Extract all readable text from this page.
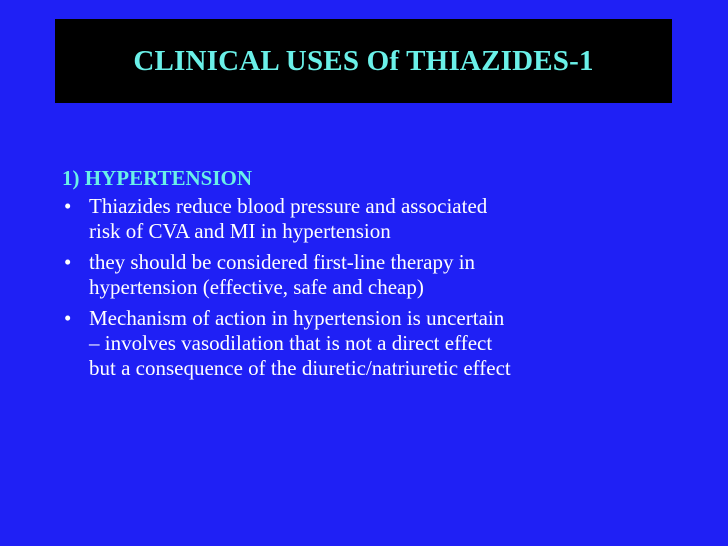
CLINICAL USES Of THIAZIDES-1
1) HYPERTENSION
• Thiazides reduce blood pressure and associated
risk of CVA and MI in hypertension
• they should be considered first-line therapy in
hypertension (effective, safe and cheap)
• Mechanism of action in hypertension is uncertain
– involves vasodilation that is not a direct effect
but a consequence of the diuretic/natriuretic effect
